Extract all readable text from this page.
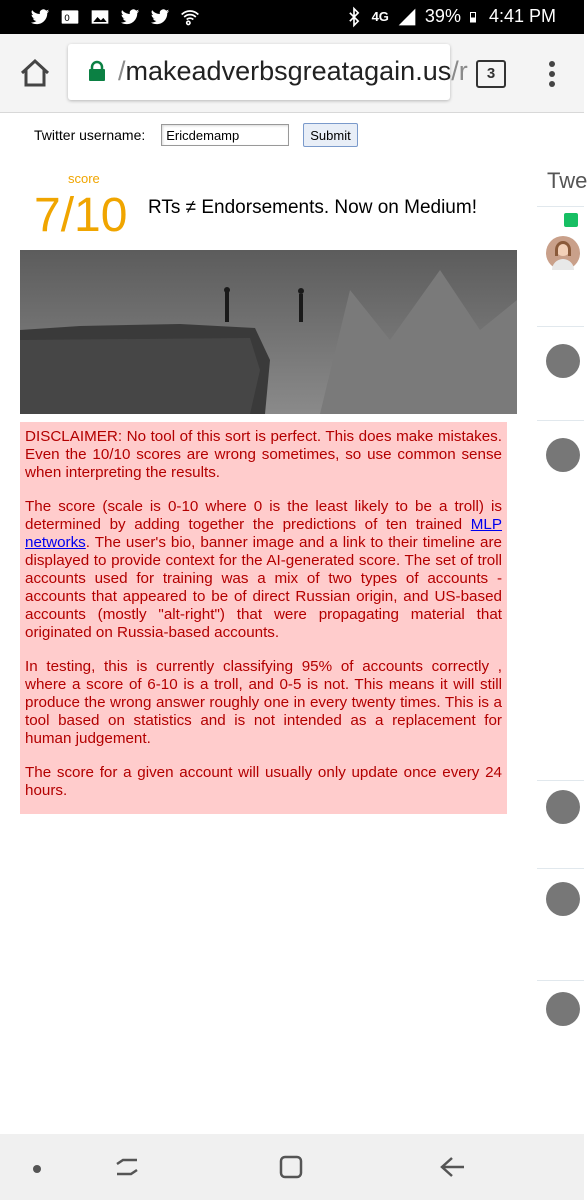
0	4G 39% 4:41 PM
/makeadverbsgreatagain.us/r	3
Twitter username:
Ericdemamp	Submit
score
7/10 RTs ≠ Endorsements. Now on Medium!

DISCLAIMER: No tool of this sort is perfect. This does make mistakes. Even the 10/10 scores are wrong sometimes, so use common sense when interpreting the results.

The score (scale is 0-10 where 0 is the least likely to be a troll) is determined by adding together the predictions of ten trained MLP networks. The user's bio, banner image and a link to their timeline are displayed to provide context for the AI-generated score. The set of troll accounts used for training was a mix of two types of accounts - accounts that appeared to be of direct Russian origin, and US-based accounts (mostly "alt-right") that were propagating material that originated on Russia-based accounts.

In testing, this is currently classifying 95% of accounts correctly , where a score of 6-10 is a troll, and 0-5 is not. This means it will still produce the wrong answer roughly one in every twenty times. This is a tool based on statistics and is not intended as a replacement for human judgement.

The score for a given account will usually only update once every 24 hours.

Twe
